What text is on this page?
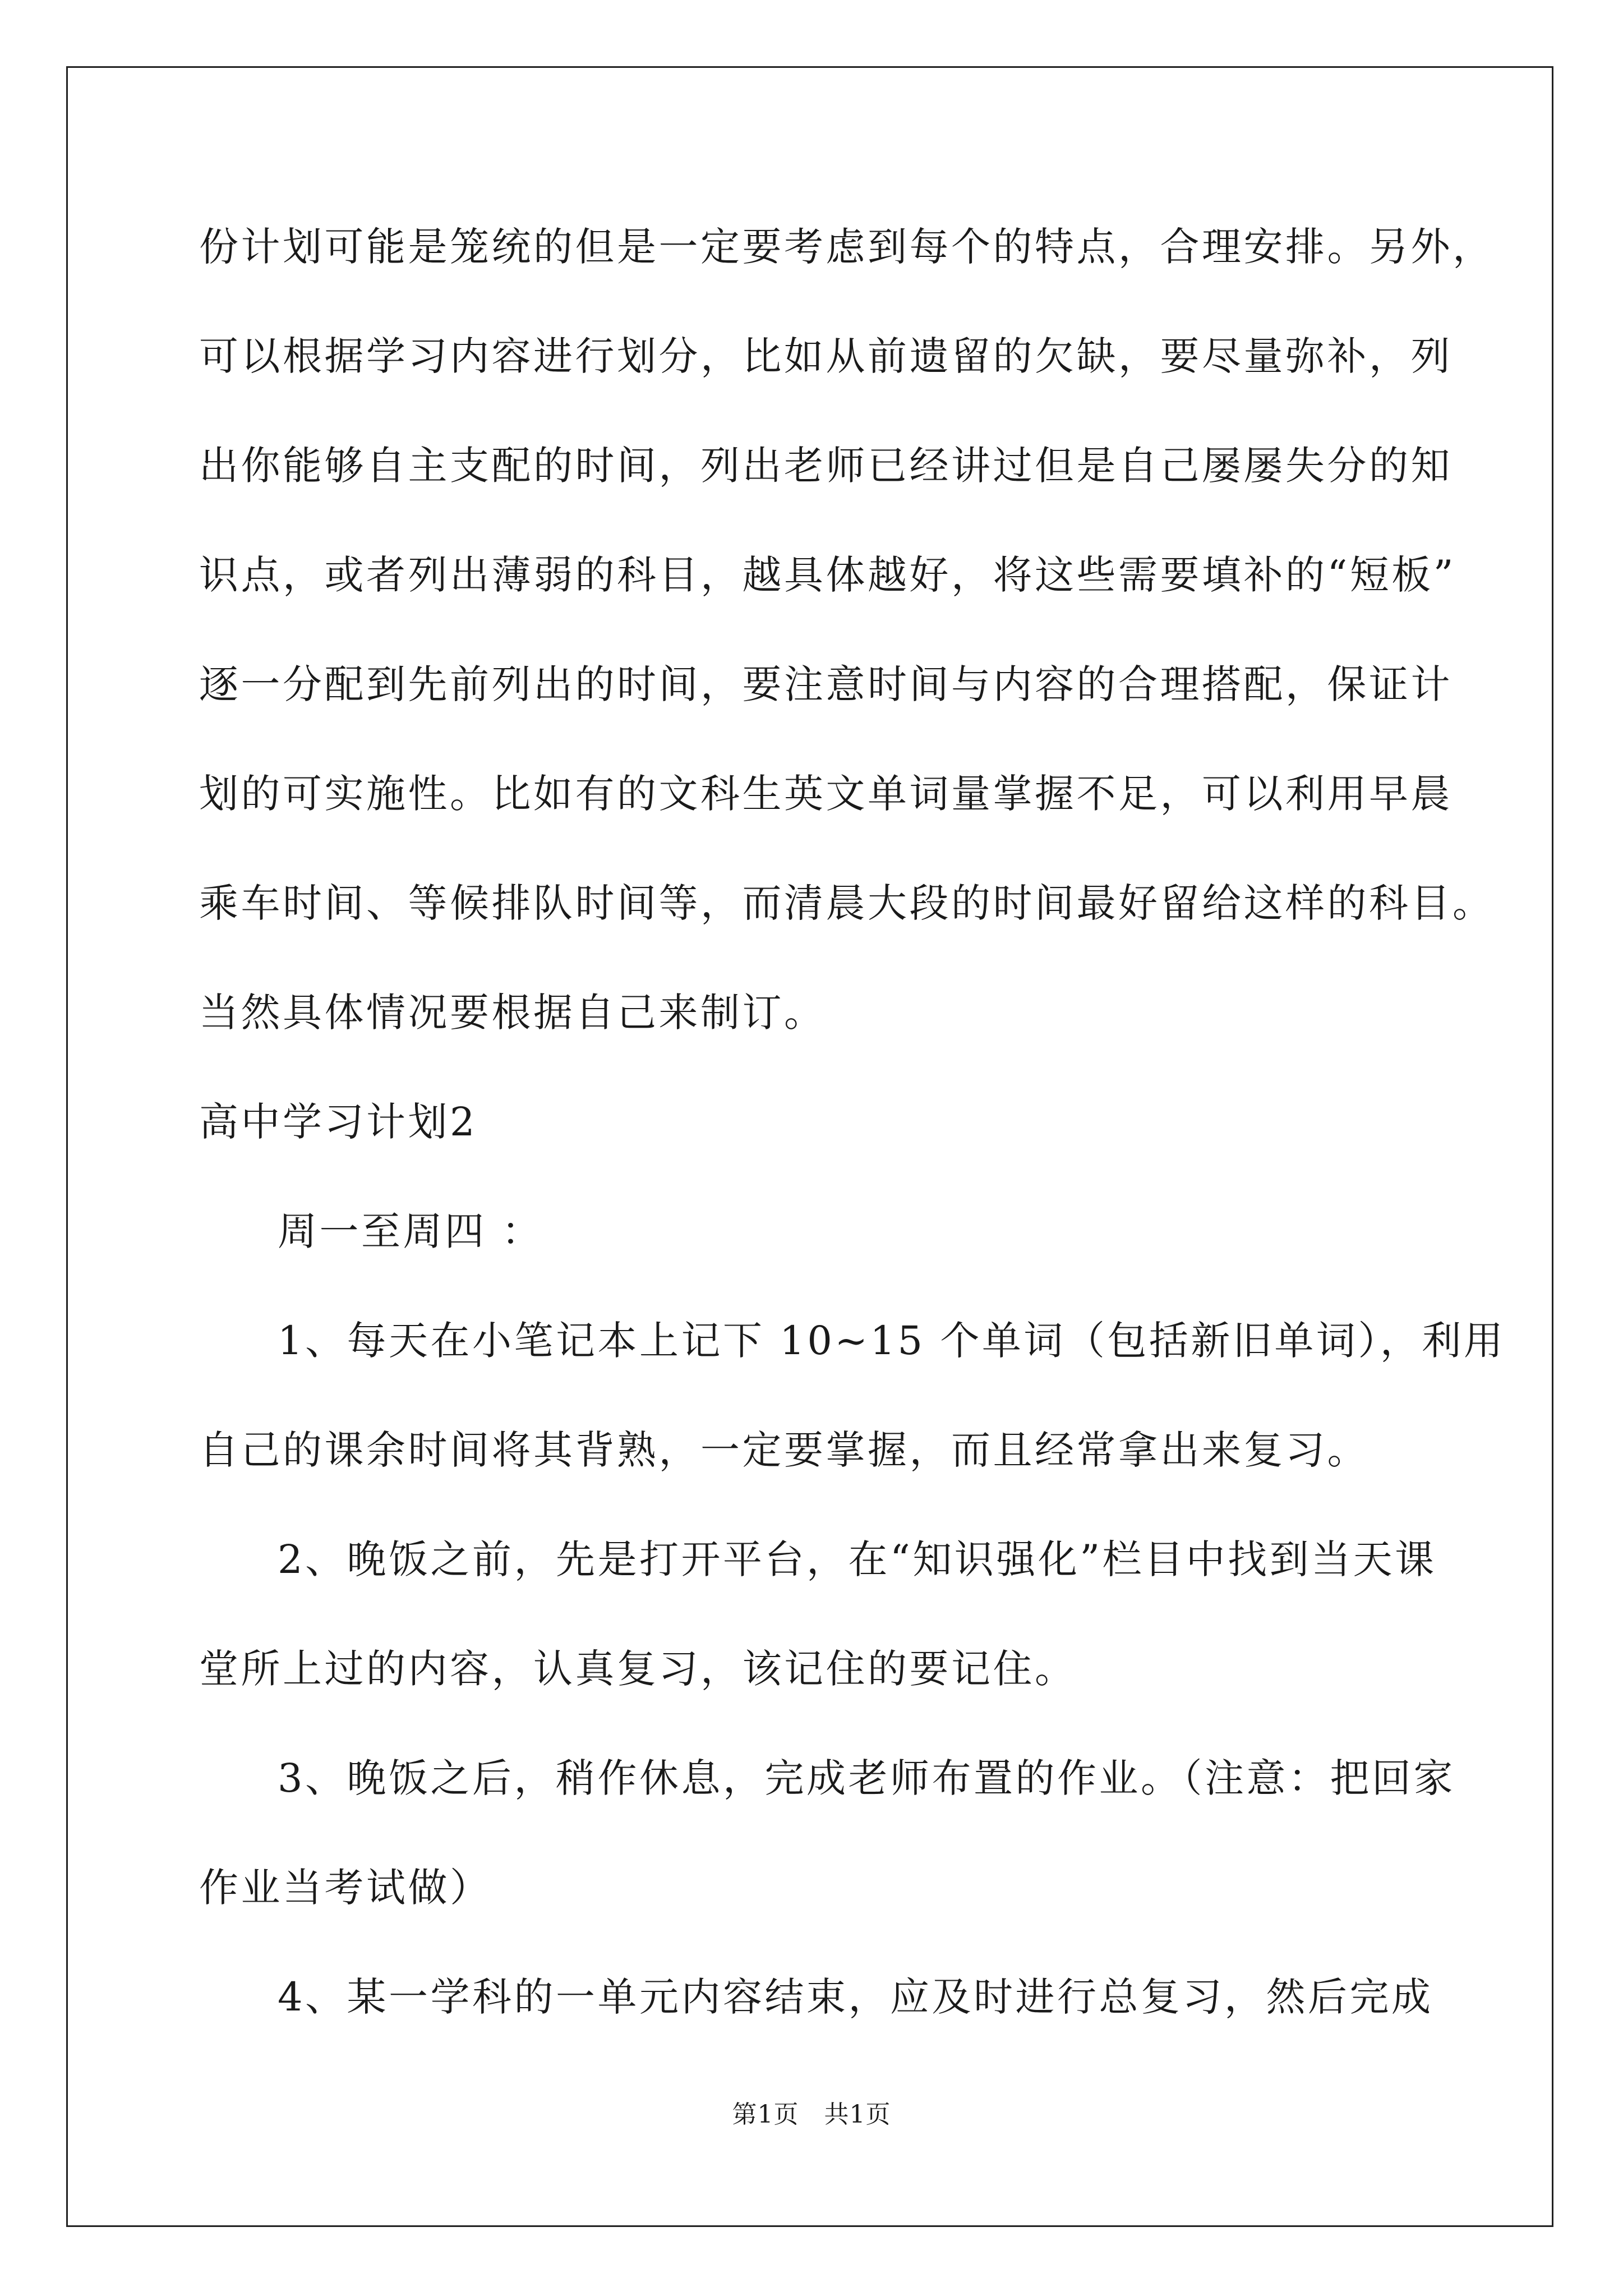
份计划可能是笼统的但是一定要考虑到每个的特点，合理安排。另外，
可以根据学习内容进行划分，比如从前遗留的欠缺，要尽量弥补，列
出你能够自主支配的时间，列出老师已经讲过但是自己屡屡失分的知
识点，或者列出薄弱的科目，越具体越好，将这些需要填补的“短板”
逐一分配到先前列出的时间，要注意时间与内容的合理搭配，保证计
划的可实施性。比如有的文科生英文单词量掌握不足，可以利用早晨
乘车时间、等候排队时间等，而清晨大段的时间最好留给这样的科目。
当然具体情况要根据自己来制订。
高中学习计划2
周一至周四 ：
1、每天在小笔记本上记下 10~15 个单词（包括新旧单词），利用
自己的课余时间将其背熟，一定要掌握，而且经常拿出来复习。
2、晚饭之前，先是打开平台，在“知识强化”栏目中找到当天课
堂所上过的内容，认真复习，该记住的要记住。
3、晚饭之后，稍作休息，完成老师布置的作业。（注意：把回家
作业当考试做）
4、某一学科的一单元内容结束，应及时进行总复习，然后完成
第1页　共1页
